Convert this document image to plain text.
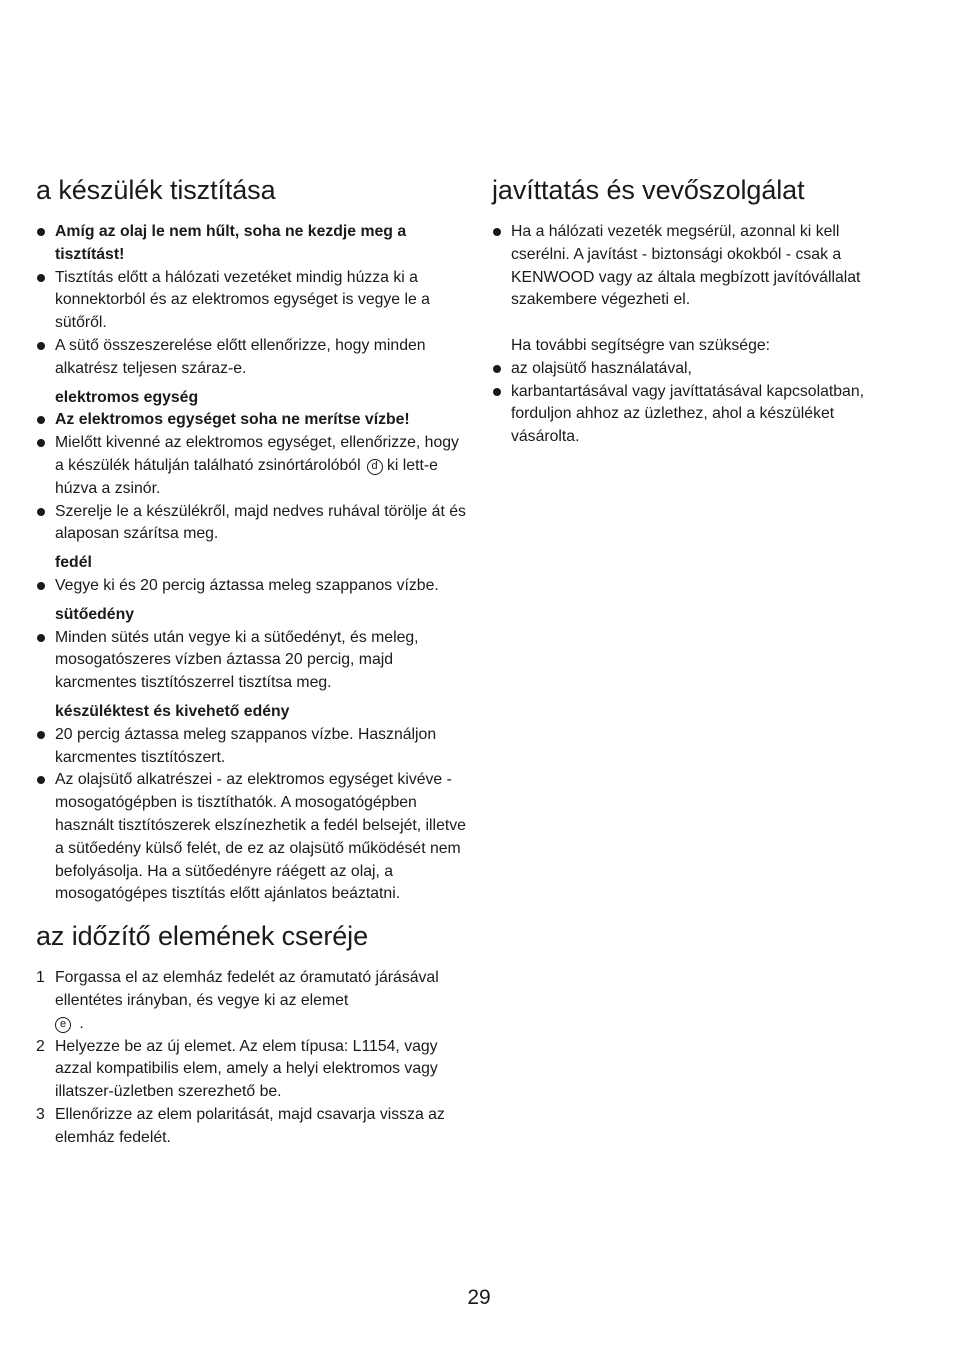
a készülék tisztítása
Amíg az olaj le nem hűlt, soha ne kezdje meg a tisztítást!
Tisztítás előtt a hálózati vezetéket mindig húzza ki a konnektorból és az elektromos egységet is vegye le a sütőről.
A sütő összeszerelése előtt ellenőrizze, hogy minden alkatrész teljesen száraz-e.
elektromos egység
Az elektromos egységet soha ne merítse vízbe!
Mielőtt kivenné az elektromos egységet, ellenőrizze, hogy a készülék hátulján található zsinórtárolóból d ki lett-e húzva a zsinór.
Szerelje le a készülékről, majd nedves ruhával törölje át és alaposan szárítsa meg.
fedél
Vegye ki és 20 percig áztassa meleg szappanos vízbe.
sütőedény
Minden sütés után vegye ki a sütőedényt, és meleg, mosogatószeres vízben áztassa 20 percig, majd karcmentes tisztítószerrel tisztítsa meg.
készüléktest és kivehető edény
20 percig áztassa meleg szappanos vízbe. Használjon karcmentes tisztítószert.
Az olajsütő alkatrészei - az elektromos egységet kivéve - mosogatógépben is tisztíthatók. A mosogatógépben használt tisztítószerek elszínezhetik a fedél belsejét, illetve a sütőedény külső felét, de ez az olajsütő működését nem befolyásolja. Ha a sütőedényre ráégett az olaj, a mosogatógépes tisztítás előtt ajánlatos beáztatni.
az időzítő elemének cseréje
1 Forgassa el az elemház fedelét az óramutató járásával ellentétes irányban, és vegye ki az elemet
e .
2 Helyezze be az új elemet. Az elem típusa: L1154, vagy azzal kompatibilis elem, amely a helyi elektromos vagy illatszer-üzletben szerezhető be.
3 Ellenőrizze az elem polaritását, majd csavarja vissza az elemház fedelét.
javíttatás és vevőszolgálat
Ha a hálózati vezeték megsérül, azonnal ki kell cserélni. A javítást - biztonsági okokból - csak a KENWOOD vagy az általa megbízott javítóvállalat szakembere végezheti el.
Ha további segítségre van szüksége:
az olajsütő használatával,
karbantartásával vagy javíttatásával kapcsolatban, forduljon ahhoz az üzlethez, ahol a készüléket vásárolta.
29
